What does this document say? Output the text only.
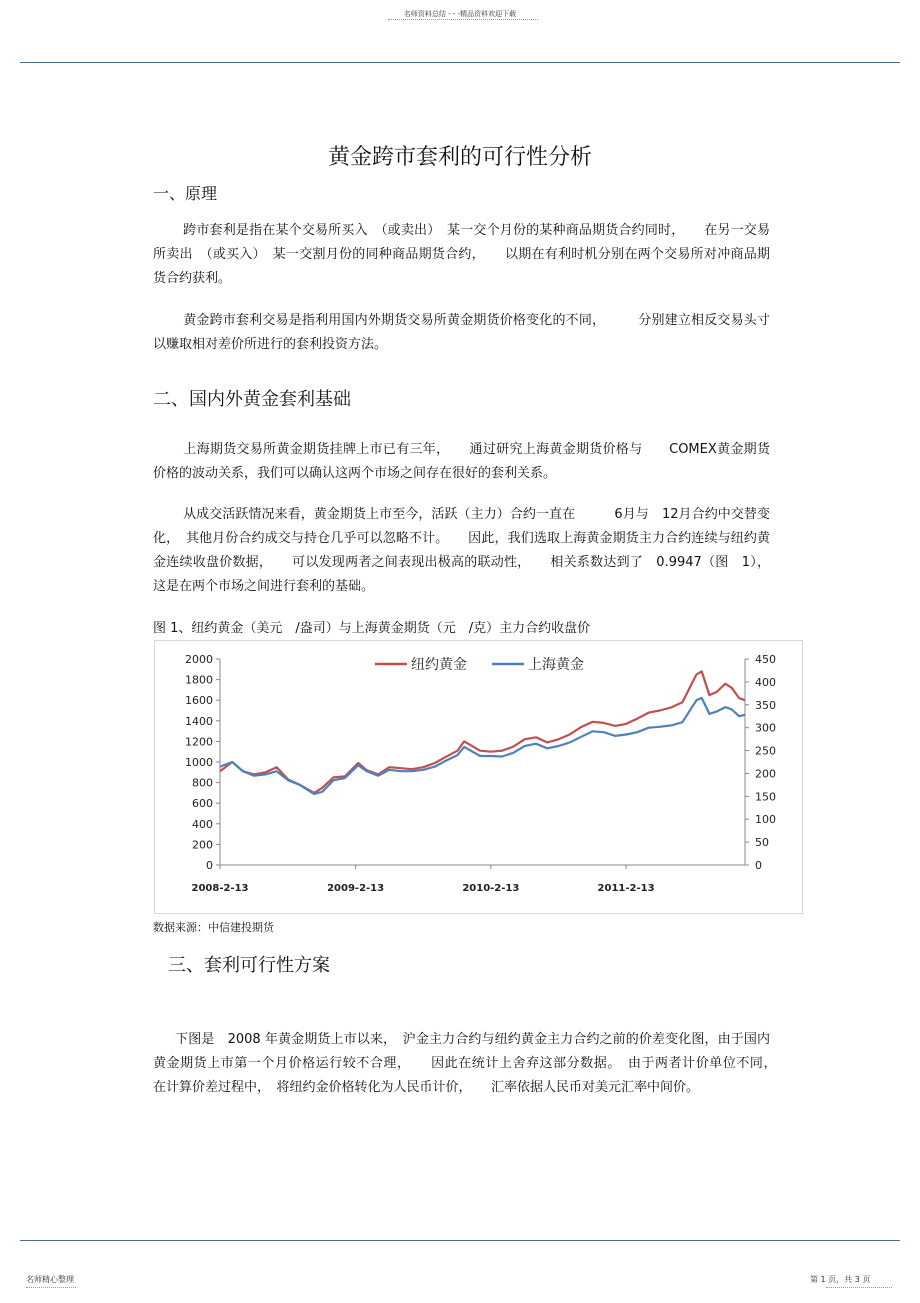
名师资料总结 - - -精品资料欢迎下载
黄金跨市套利的可行性分析
一、原理
跨市套利是指在某个交易所买入　（或卖出）　某一交个月份的某种商品期货合约同时，　　在另一交易所卖出　（或买入）　某一交割月份的同种商品期货合约，　　以期在有利时机分别在两个交易所对冲商品期货合约获利。
黄金跨市套利交易是指利用国内外期货交易所黄金期货价格变化的不同，　　　分别建立相反交易头寸以赚取相对差价所进行的套利投资方法。
二、国内外黄金套利基础
上海期货交易所黄金期货挂牌上市已有三年，　　通过研究上海黄金期货价格与　　COMEX黄金期货价格的波动关系，我们可以确认这两个市场之间存在很好的套利关系。
从成交活跃情况来看，黄金期货上市至今，活跃（主力）合约一直在　　　6月与　12月合约中交替变化，　其他月份合约成交与持仓几乎可以忽略不计。　　因此，我们选取上海黄金期货主力合约连续与纽约黄金连续收盘价数据，　　可以发现两者之间表现出极高的联动性，　　相关系数达到了　0.9947（图　1），这是在两个市场之间进行套利的基础。
图 1、纽约黄金（美元　/盎司）与上海黄金期货（元　/克）主力合约收盘价
0
200
400
600
800
1000
1200
1400
1600
1800
2000
0
50
100
150
200
250
300
350
400
450
2008-2-13	2009-2-13	2010-2-13	2011-2-13
纽约黄金	上海黄金
数据来源：中信建投期货
三、套利可行性方案
下图是　2008 年黄金期货上市以来，　沪金主力合约与纽约黄金主力合约之前的价差变化图，由于国内黄金期货上市第一个月价格运行较不合理，　　因此在统计上舍弃这部分数据。　由于两者计价单位不同，　在计算价差过程中，　将纽约金价格转化为人民币计价，　　汇率依据人民币对美元汇率中间价。
名师精心整理	第 1 页，共 3 页
